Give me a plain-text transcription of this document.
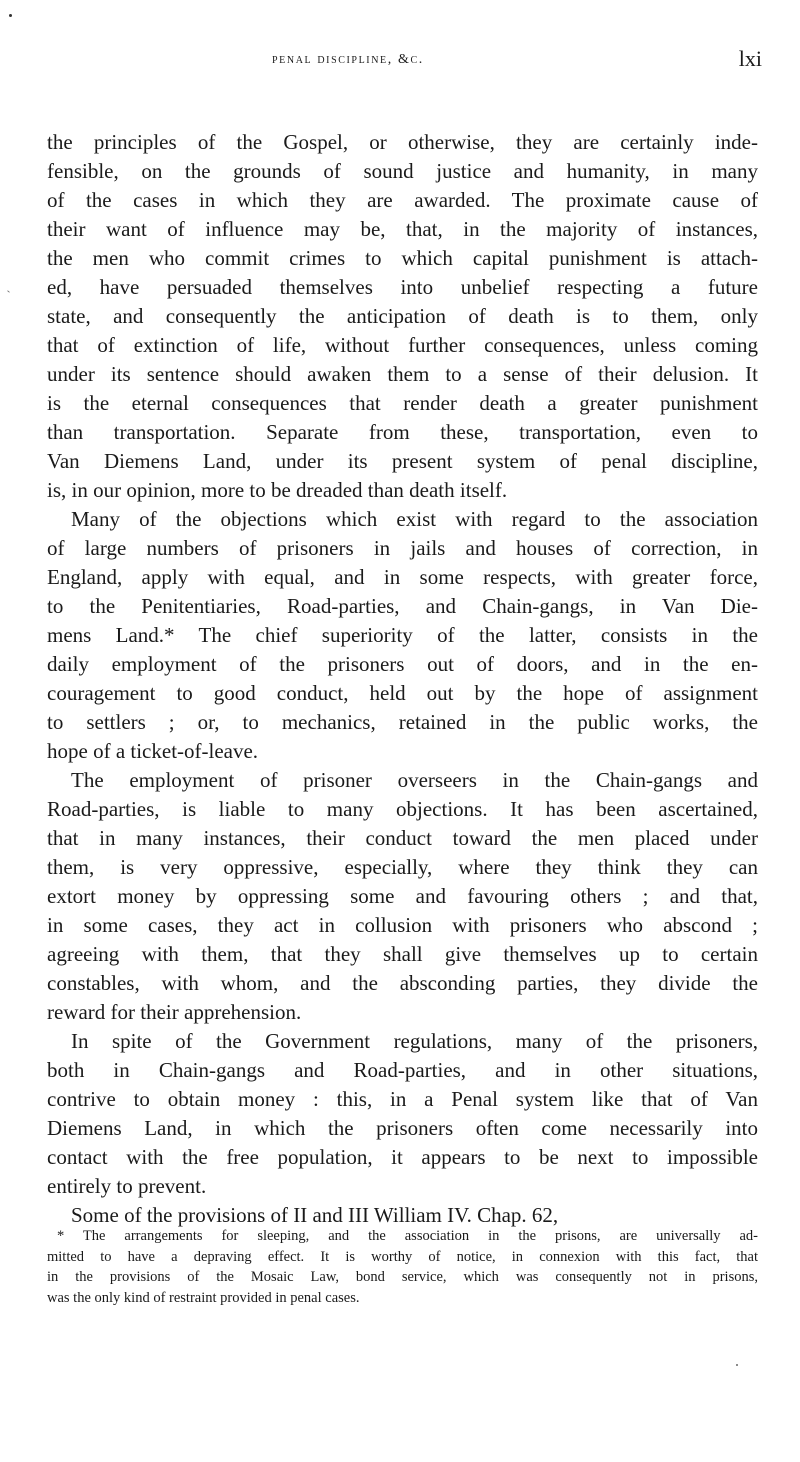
penal discipline, &c.	lxi
the principles of the Gospel, or otherwise, they are certainly inde-
fensible, on the grounds of sound justice and humanity, in many
of the cases in which they are awarded. The proximate cause of
their want of influence may be, that, in the majority of instances,
the men who commit crimes to which capital punishment is attach-
ed, have persuaded themselves into unbelief respecting a future
state, and consequently the anticipation of death is to them, only
that of extinction of life, without further consequences, unless coming
under its sentence should awaken them to a sense of their delusion. It
is the eternal consequences that render death a greater punishment
than transportation. Separate from these, transportation, even to
Van Diemens Land, under its present system of penal discipline,
is, in our opinion, more to be dreaded than death itself.
Many of the objections which exist with regard to the association
of large numbers of prisoners in jails and houses of correction, in
England, apply with equal, and in some respects, with greater force,
to the Penitentiaries, Road-parties, and Chain-gangs, in Van Die-
mens Land.* The chief superiority of the latter, consists in the
daily employment of the prisoners out of doors, and in the en-
couragement to good conduct, held out by the hope of assignment
to settlers ; or, to mechanics, retained in the public works, the
hope of a ticket-of-leave.
The employment of prisoner overseers in the Chain-gangs and
Road-parties, is liable to many objections. It has been ascertained,
that in many instances, their conduct toward the men placed under
them, is very oppressive, especially, where they think they can
extort money by oppressing some and favouring others ; and that,
in some cases, they act in collusion with prisoners who abscond ;
agreeing with them, that they shall give themselves up to certain
constables, with whom, and the absconding parties, they divide the
reward for their apprehension.
In spite of the Government regulations, many of the prisoners,
both in Chain-gangs and Road-parties, and in other situations,
contrive to obtain money : this, in a Penal system like that of Van
Diemens Land, in which the prisoners often come necessarily into
contact with the free population, it appears to be next to impossible
entirely to prevent.
Some of the provisions of II and III William IV. Chap. 62,
* The arrangements for sleeping, and the association in the prisons, are universally ad-
mitted to have a depraving effect. It is worthy of notice, in connexion with this fact, that
in the provisions of the Mosaic Law, bond service, which was consequently not in prisons,
was the only kind of restraint provided in penal cases.
